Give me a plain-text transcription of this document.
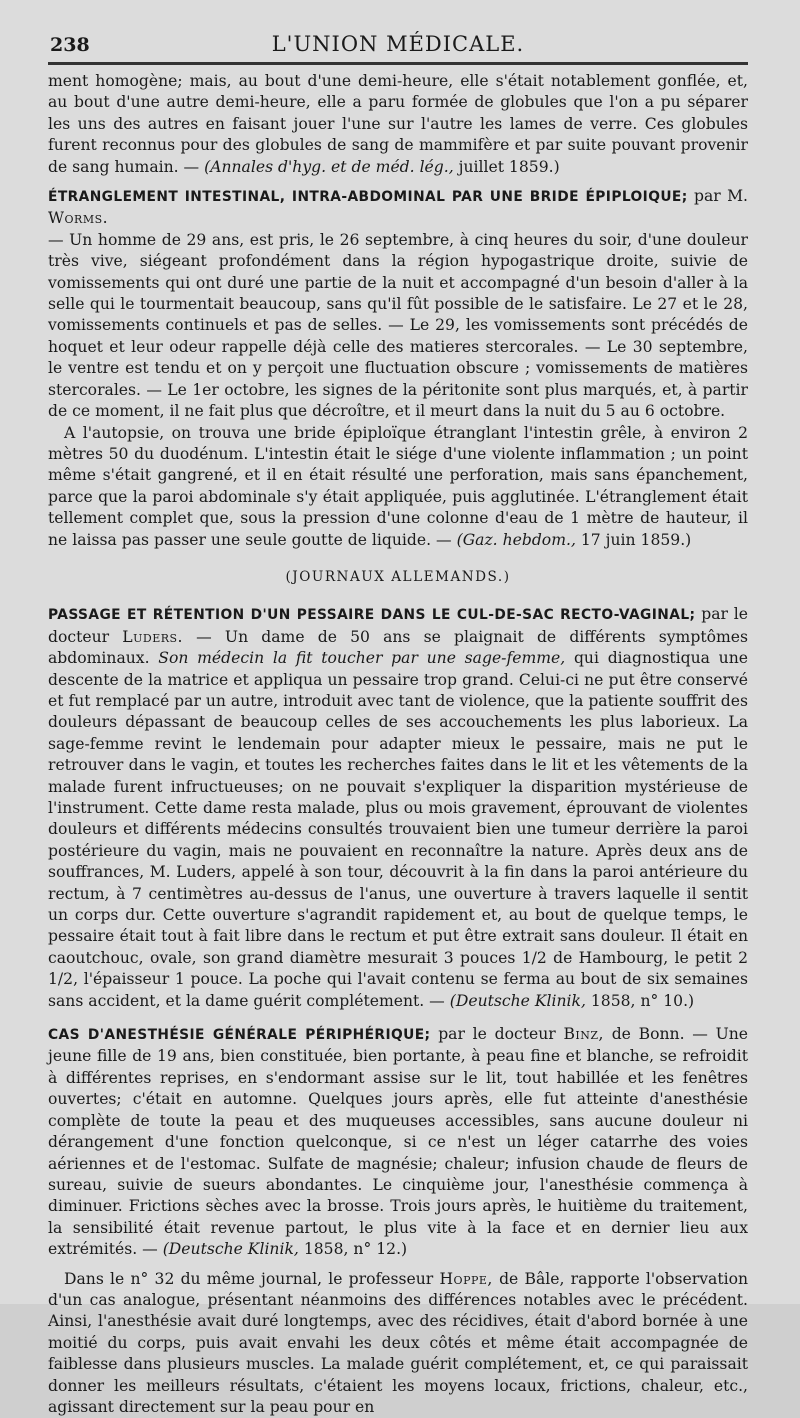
238	L'UNION MÉDICALE.

ment homogène; mais, au bout d'une demi-heure, elle s'était notablement gonflée, et, au bout d'une autre demi-heure, elle a paru formée de globules que l'on a pu séparer les uns des autres en faisant jouer l'une sur l'autre les lames de verre. Ces globules furent reconnus pour des globules de sang de mammifère et par suite pouvant provenir de sang humain. — (Annales d'hyg. et de méd. lég., juillet 1859.)

ÉTRANGLEMENT INTESTINAL, INTRA-ABDOMINAL PAR UNE BRIDE ÉPIPLOIQUE; par M. Worms.
— Un homme de 29 ans, est pris, le 26 septembre, à cinq heures du soir, d'une douleur très vive, siégeant profondément dans la région hypogastrique droite, suivie de vomissements qui ont duré une partie de la nuit et accompagné d'un besoin d'aller à la selle qui le tourmentait beaucoup, sans qu'il fût possible de le satisfaire. Le 27 et le 28, vomissements continuels et pas de selles. — Le 29, les vomissements sont précédés de hoquet et leur odeur rappelle déjà celle des matieres stercorales. — Le 30 septembre, le ventre est tendu et on y perçoit une fluctuation obscure ; vomissements de matières stercorales. — Le 1er octobre, les signes de la péritonite sont plus marqués, et, à partir de ce moment, il ne fait plus que décroître, et il meurt dans la nuit du 5 au 6 octobre.

A l'autopsie, on trouva une bride épiploïque étranglant l'intestin grêle, à environ 2 mètres 50 du duodénum. L'intestin était le siége d'une violente inflammation ; un point même s'était gangrené, et il en était résulté une perforation, mais sans épanchement, parce que la paroi abdominale s'y était appliquée, puis agglutinée. L'étranglement était tellement complet que, sous la pression d'une colonne d'eau de 1 mètre de hauteur, il ne laissa pas passer une seule goutte de liquide. — (Gaz. hebdom., 17 juin 1859.)

(JOURNAUX ALLEMANDS.)

PASSAGE ET RÉTENTION D'UN PESSAIRE DANS LE CUL-DE-SAC RECTO-VAGINAL; par le docteur Luders. — Un dame de 50 ans se plaignait de différents symptômes abdominaux. Son médecin la fit toucher par une sage-femme, qui diagnostiqua une descente de la matrice et appliqua un pessaire trop grand. Celui-ci ne put être conservé et fut remplacé par un autre, introduit avec tant de violence, que la patiente souffrit des douleurs dépassant de beaucoup celles de ses accouchements les plus laborieux. La sage-femme revint le lendemain pour adapter mieux le pessaire, mais ne put le retrouver dans le vagin, et toutes les recherches faites dans le lit et les vêtements de la malade furent infructueuses; on ne pouvait s'expliquer la disparition mystérieuse de l'instrument. Cette dame resta malade, plus ou mois gravement, éprouvant de violentes douleurs et différents médecins consultés trouvaient bien une tumeur derrière la paroi postérieure du vagin, mais ne pouvaient en reconnaître la nature. Après deux ans de souffrances, M. Luders, appelé à son tour, découvrit à la fin dans la paroi antérieure du rectum, à 7 centimètres au-dessus de l'anus, une ouverture à travers laquelle il sentit un corps dur. Cette ouverture s'agrandit rapidement et, au bout de quelque temps, le pessaire était tout à fait libre dans le rectum et put être extrait sans douleur. Il était en caoutchouc, ovale, son grand diamètre mesurait 3 pouces 1/2 de Hambourg, le petit 2 1/2, l'épaisseur 1 pouce. La poche qui l'avait contenu se ferma au bout de six semaines sans accident, et la dame guérit complétement. — (Deutsche Klinik, 1858, n° 10.)

CAS D'ANESTHÉSIE GÉNÉRALE PÉRIPHÉRIQUE; par le docteur Binz, de Bonn. — Une jeune fille de 19 ans, bien constituée, bien portante, à peau fine et blanche, se refroidit à différentes reprises, en s'endormant assise sur le lit, tout habillée et les fenêtres ouvertes; c'était en automne. Quelques jours après, elle fut atteinte d'anesthésie complète de toute la peau et des muqueuses accessibles, sans aucune douleur ni dérangement d'une fonction quelconque, si ce n'est un léger catarrhe des voies aériennes et de l'estomac. Sulfate de magnésie; chaleur; infusion chaude de fleurs de sureau, suivie de sueurs abondantes. Le cinquième jour, l'anesthésie commença à diminuer. Frictions sèches avec la brosse. Trois jours après, le huitième du traitement, la sensibilité était revenue partout, le plus vite à la face et en dernier lieu aux extrémités. — (Deutsche Klinik, 1858, n° 12.)

Dans le n° 32 du même journal, le professeur Hoppe, de Bâle, rapporte l'observation d'un cas analogue, présentant néanmoins des différences notables avec le précédent. Ainsi, l'anesthésie avait duré longtemps, avec des récidives, était d'abord bornée à une moitié du corps, puis avait envahi les deux côtés et même était accompagnée de faiblesse dans plusieurs muscles. La malade guérit complétement, et, ce qui paraissait donner les meilleurs résultats, c'étaient les moyens locaux, frictions, chaleur, etc., agissant directement sur la peau pour en
